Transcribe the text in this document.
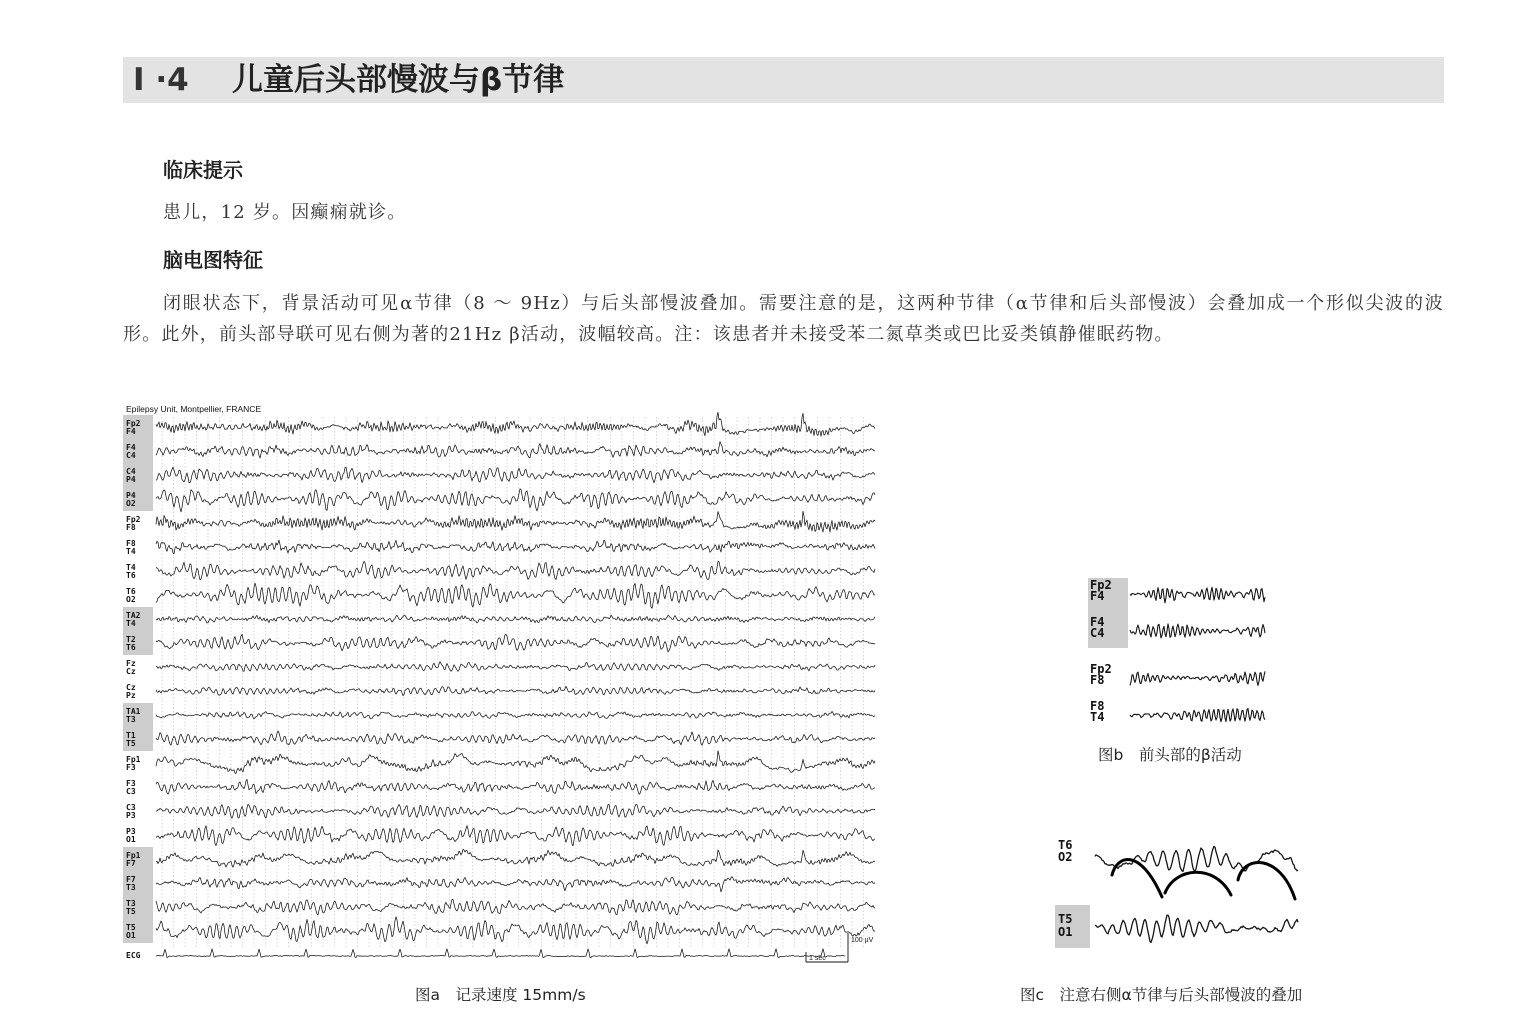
I ·4 儿童后头部慢波与β节律
临床提示

患儿，12 岁。因癫痫就诊。

脑电图特征

闭眼状态下，背景活动可见α节律（8 ～ 9Hz）与后头部慢波叠加。需要注意的是，这两种节律（α节律和后头部慢波）会叠加成一个形似尖波的波形。此外，前头部导联可见右侧为著的21Hz β活动，波幅较高。注：该患者并未接受苯二氮草类或巴比妥类镇静催眠药物。

Epilepsy Unit, Montpellier, FRANCE
Fp2
F4
F4
C4
C4
P4
P4
O2
Fp2
F8
F8
T4
T4
T6
T6
O2
TA2
T4
T2
T6
Fz
Cz
Cz
Pz
TA1
T3
T1
T5
Fp1
F3
F3
C3
C3
P3
P3
O1
Fp1
F7
F7
T3
T3
T5
T5
O1
ECG
100 µV
1 sec
图a　记录速度 15mm/s
Fp2
F4
F4
C4
Fp2
F8
F8
T4
图b　前头部的β活动
T6
O2
T5
O1
图c　注意右侧α节律与后头部慢波的叠加
